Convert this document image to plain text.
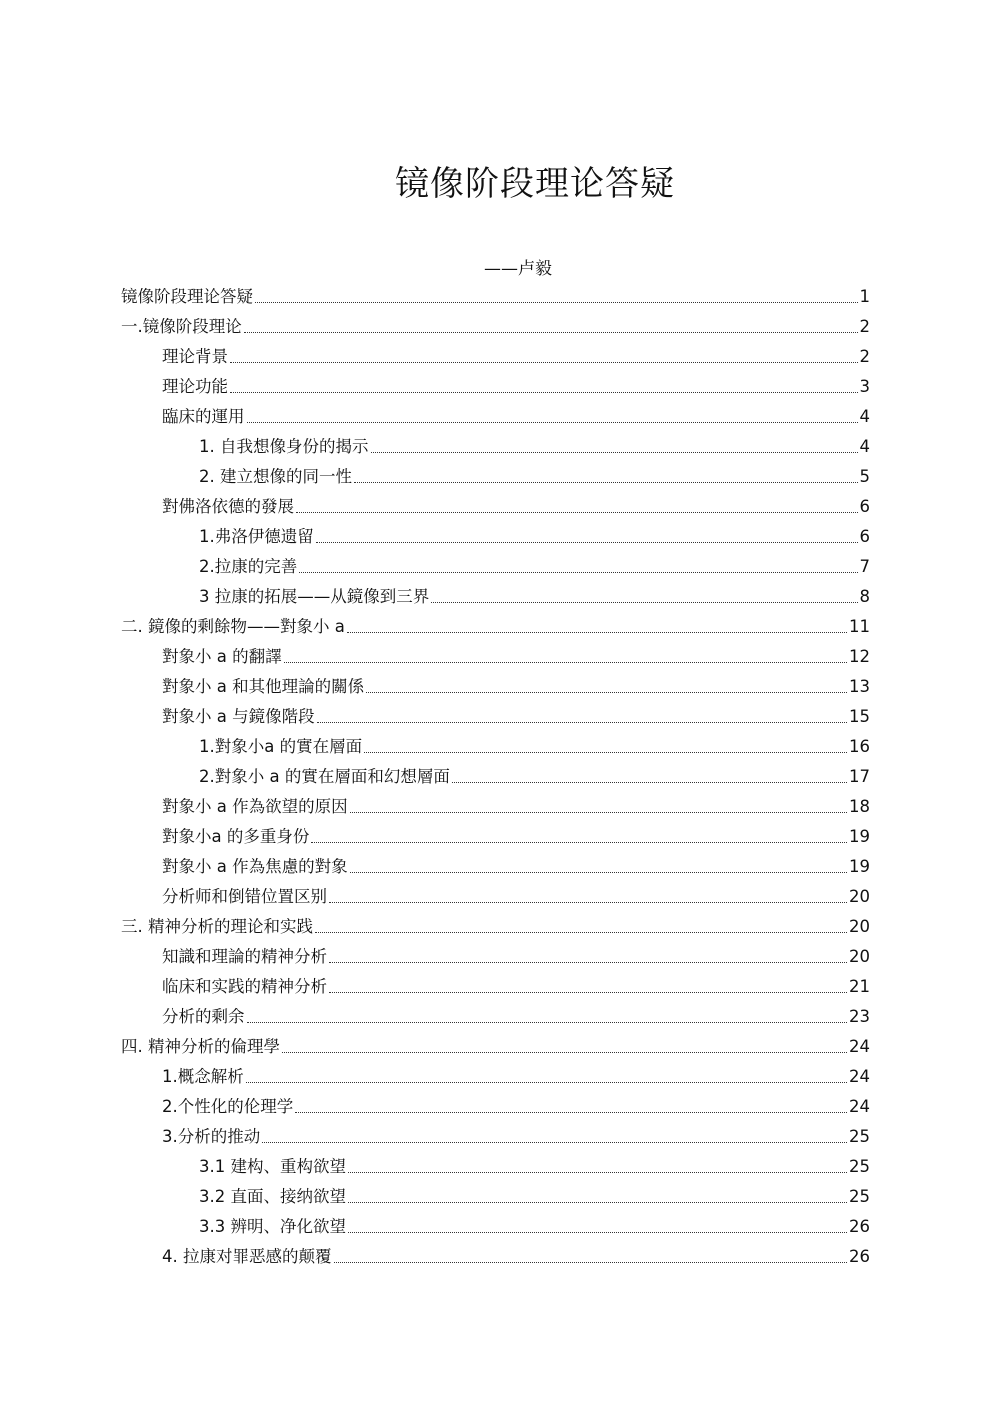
镜像阶段理论答疑
——卢毅
镜像阶段理论答疑	1
一.镜像阶段理论	2
理论背景	2
理论功能	3
臨床的運用	4
1. 自我想像身份的揭示	4
2. 建立想像的同一性	5
對佛洛依德的發展	6
1.弗洛伊德遗留	6
2.拉康的完善	7
3 拉康的拓展——从鏡像到三界	8
二. 鏡像的剩餘物——對象小 a	11
對象小 a 的翻譯	12
對象小 a 和其他理論的關係	13
對象小 a 与鏡像階段	15
1.對象小a 的實在層面	16
2.對象小 a 的實在層面和幻想層面	17
對象小 a 作為欲望的原因	18
對象小a 的多重身份	19
對象小 a 作為焦慮的對象	19
分析师和倒错位置区别	20
三. 精神分析的理论和实践	20
知識和理論的精神分析	20
临床和实践的精神分析	21
分析的剩余	23
四. 精神分析的倫理學	24
1.概念解析	24
2.个性化的伦理学	24
3.分析的推动	25
3.1 建构、重构欲望	25
3.2 直面、接纳欲望	25
3.3 辨明、净化欲望	26
4. 拉康对罪恶感的颠覆	26
